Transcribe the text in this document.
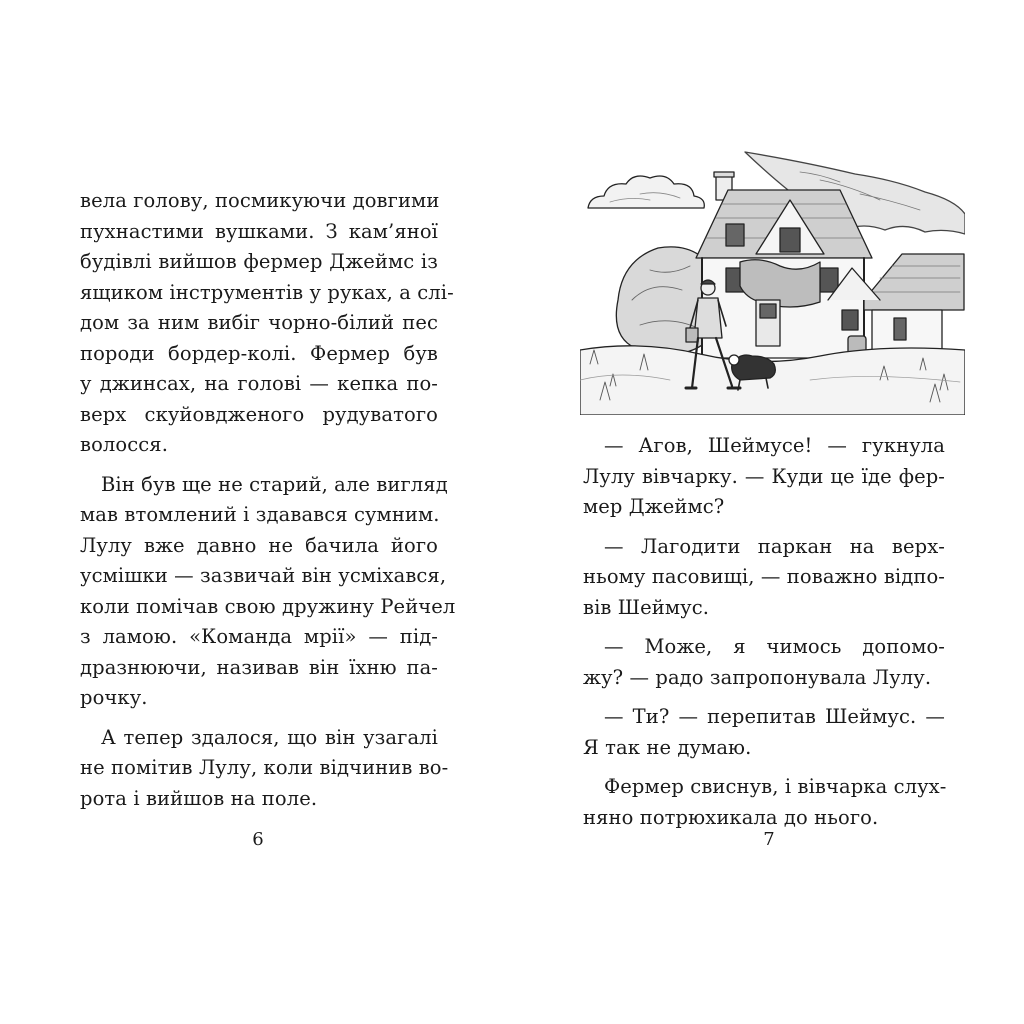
вела голову, посмикуючи довгими
пухнастими вушками. З кам’яної
будівлі вийшов фермер Джеймс із
ящиком інструментів у руках, а слі-
дом за ним вибіг чорно-білий пес
породи бордер-колі. Фермер був
у джинсах, на голові — кепка по-
верх скуйовдженого рудуватого
волосся.
Він був ще не старий, але вигляд
мав втомлений і здавався сумним.
Лулу вже давно не бачила його
усмішки — зазвичай він усміхався,
коли помічав свою дружину Рейчел
з ламою. «Команда мрії» — під-
дразнюючи, називав він їхню па-
рочку.
А тепер здалося, що він узагалі
не помітив Лулу, коли відчинив во-
рота і вийшов на поле.
6
— Агов, Шеймусе! — гукнула
Лулу вівчарку. — Куди це їде фер-
мер Джеймс?
— Лагодити паркан на верх-
ньому пасовищі, — поважно відпо-
вів Шеймус.
— Може, я чимось допомо-
жу? — радо запропонувала Лулу.
— Ти? — перепитав Шеймус. —
Я так не думаю.
Фермер свиснув, і вівчарка слух-
няно потрюхикала до нього.
7
